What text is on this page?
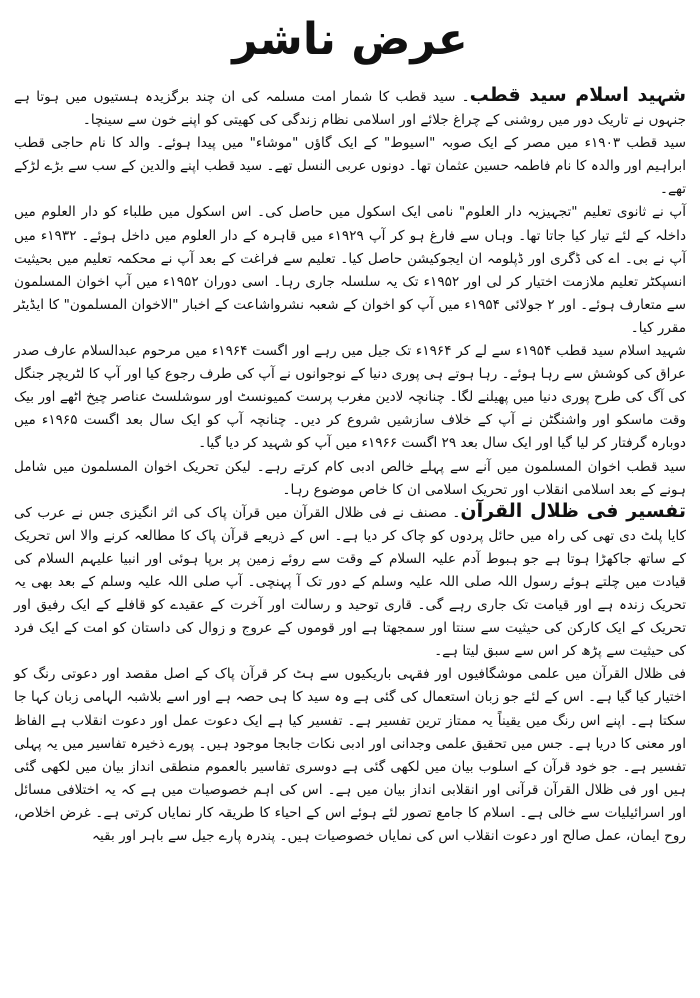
عرض ناشر

شہید اسلام سید قطب۔ سید قطب کا شمار امت مسلمہ کی ان چند برگزیدہ ہستیوں میں ہوتا ہے جنہوں نے تاریک دور میں روشنی کے چراغ جلائے اور اسلامی نظام زندگی کی کھیتی کو اپنے خون سے سینچا۔

سید قطب ۱۹۰۳ء میں مصر کے ایک صوبہ "اسیوط" کے ایک گاؤں "موشاء" میں پیدا ہوئے۔ والد کا نام حاجی قطب ابراہیم اور والدہ کا نام فاطمہ حسین عثمان تھا۔ دونوں عربی النسل تھے۔ سید قطب اپنے والدین کے سب سے بڑے لڑکے تھے۔

آپ نے ثانوی تعلیم "تجہیزیہ دار العلوم" نامی ایک اسکول میں حاصل کی۔ اس اسکول میں طلباء کو دار العلوم میں داخلہ کے لئے تیار کیا جاتا تھا۔ وہاں سے فارغ ہو کر آپ ۱۹۲۹ء میں قاہرہ کے دار العلوم میں داخل ہوئے۔ ۱۹۳۲ء میں آپ نے بی۔ اے کی ڈگری اور ڈپلومہ ان ایجوکیشن حاصل کیا۔ تعلیم سے فراغت کے بعد آپ نے محکمہ تعلیم میں بحیثیت انسپکٹر تعلیم ملازمت اختیار کر لی اور ۱۹۵۲ء تک یہ سلسلہ جاری رہا۔ اسی دوران ۱۹۵۲ء میں آپ اخوان المسلمون سے متعارف ہوئے۔ اور ۲ جولائی ۱۹۵۴ء میں آپ کو اخوان کے شعبہ نشرواشاعت کے اخبار "الاخوان المسلمون" کا ایڈیٹر مقرر کیا۔

شہید اسلام سید قطب ۱۹۵۴ء سے لے کر ۱۹۶۴ء تک جیل میں رہے اور اگست ۱۹۶۴ء میں مرحوم عبدالسلام عارف صدر عراق کی کوشش سے رہا ہوئے۔ رہا ہوتے ہی پوری دنیا کے نوجوانوں نے آپ کی طرف رجوع کیا اور آپ کا لٹریچر جنگل کی آگ کی طرح پوری دنیا میں پھیلنے لگا۔ چنانچہ لادین مغرب پرست کمیونسٹ اور سوشلسٹ عناصر چیخ اٹھے اور بیک وقت ماسکو اور واشنگٹن نے آپ کے خلاف سازشیں شروع کر دیں۔ چنانچہ آپ کو ایک سال بعد اگست ۱۹۶۵ء میں دوبارہ گرفتار کر لیا گیا اور ایک سال بعد ۲۹ اگست ۱۹۶۶ء میں آپ کو شہید کر دیا گیا۔

سید قطب اخوان المسلمون میں آنے سے پہلے خالص ادبی کام کرتے رہے۔ لیکن تحریک اخوان المسلمون میں شامل ہونے کے بعد اسلامی انقلاب اور تحریک اسلامی ان کا خاص موضوع رہا۔

تفسیر فی ظلال القرآن۔ مصنف نے فی ظلال القرآن میں قرآن پاک کی اثر انگیزی جس نے عرب کی کایا پلٹ دی تھی کی راہ میں حائل پردوں کو چاک کر دیا ہے۔ اس کے ذریعے قرآن پاک کا مطالعہ کرنے والا اس تحریک کے ساتھ جاکھڑا ہوتا ہے جو ہبوط آدم علیہ السلام کے وقت سے روئے زمین پر برپا ہوئی اور انبیا علیہم السلام کی قیادت میں چلتے ہوئے رسول اللہ صلی اللہ علیہ وسلم کے دور تک آ پہنچی۔ آپ صلی اللہ علیہ وسلم کے بعد بھی یہ تحریک زندہ ہے اور قیامت تک جاری رہے گی۔ قاری توحید و رسالت اور آخرت کے عقیدے کو قافلے کے ایک رفیق اور تحریک کے ایک کارکن کی حیثیت سے سنتا اور سمجھتا ہے اور قوموں کے عروج و زوال کی داستان کو امت کے ایک فرد کی حیثیت سے پڑھ کر اس سے سبق لیتا ہے۔

فی ظلال القرآن میں علمی موشگافیوں اور فقہی باریکیوں سے ہٹ کر قرآن پاک کے اصل مقصد اور دعوتی رنگ کو اختیار کیا گیا ہے۔ اس کے لئے جو زبان استعمال کی گئی ہے وہ سید کا ہی حصہ ہے اور اسے بلاشبہ الہامی زبان کہا جا سکتا ہے۔ اپنے اس رنگ میں یقیناً یہ ممتاز ترین تفسیر ہے۔ تفسیر کیا ہے ایک دعوت عمل اور دعوت انقلاب ہے الفاظ اور معنی کا دریا ہے۔ جس میں تحقیق علمی وجدانی اور ادبی نکات جابجا موجود ہیں۔ پورے ذخیرہ تفاسیر میں یہ پہلی تفسیر ہے۔ جو خود قرآن کے اسلوب بیان میں لکھی گئی ہے دوسری تفاسیر بالعموم منطقی انداز بیان میں لکھی گئی ہیں اور فی ظلال القرآن قرآنی اور انقلابی انداز بیان میں ہے۔ اس کی اہم خصوصیات میں ہے کہ یہ اختلافی مسائل اور اسرائیلیات سے خالی ہے۔ اسلام کا جامع تصور لئے ہوئے اس کے احیاء کا طریقہ کار نمایاں کرتی ہے۔ غرض اخلاص، روح ایمان، عمل صالح اور دعوت انقلاب اس کی نمایاں خصوصیات ہیں۔ پندرہ پارے جیل سے باہر اور بقیہ
